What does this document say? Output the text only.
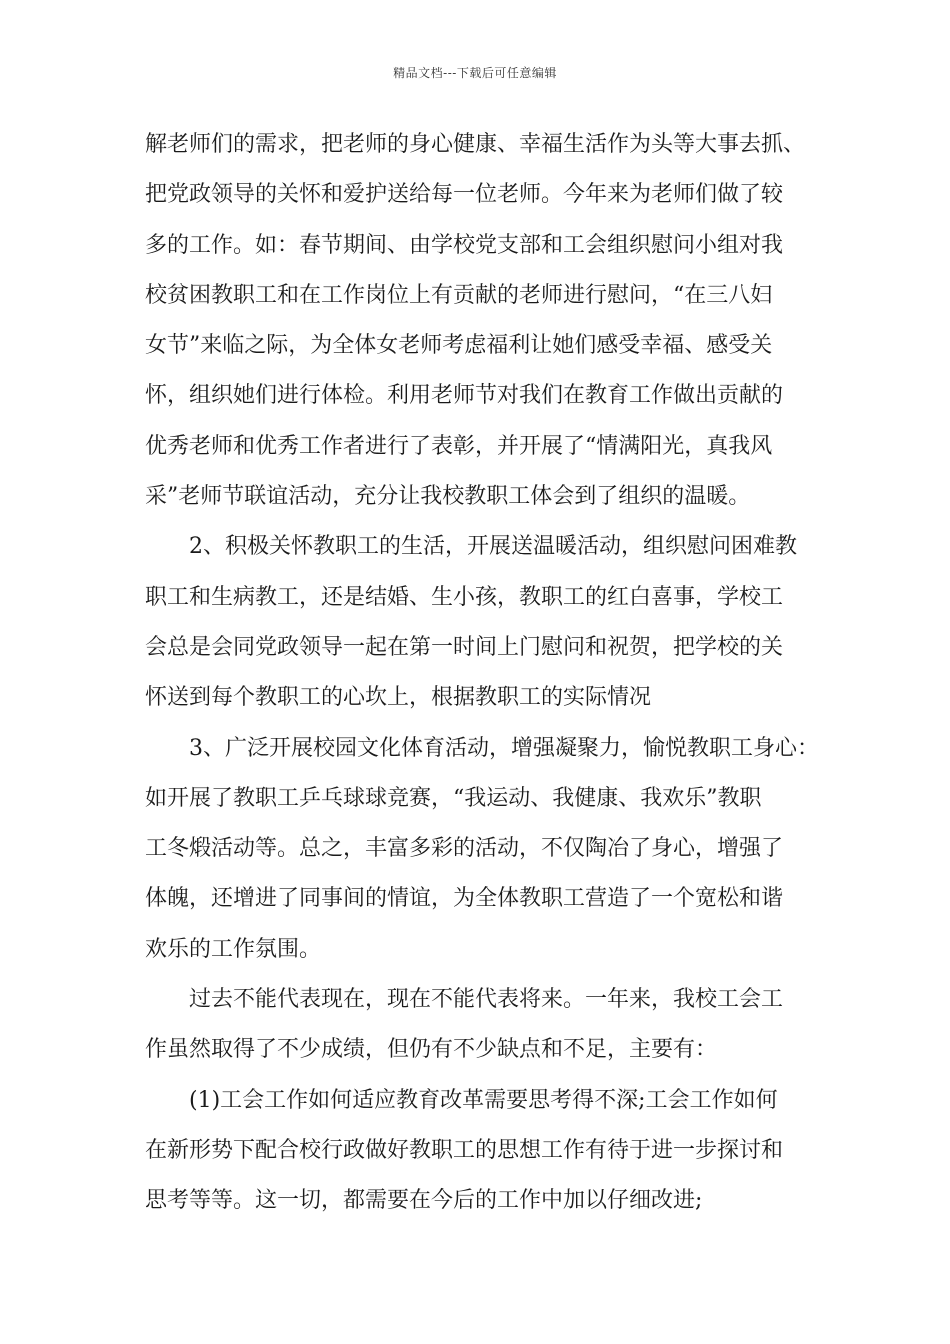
精品文档---下载后可任意编辑
解老师们的需求，把老师的身心健康、幸福生活作为头等大事去抓、
把党政领导的关怀和爱护送给每一位老师。今年来为老师们做了较
多的工作。如：春节期间、由学校党支部和工会组织慰问小组对我
校贫困教职工和在工作岗位上有贡献的老师进行慰问，“在三八妇
女节”来临之际，为全体女老师考虑福利让她们感受幸福、感受关
怀，组织她们进行体检。利用老师节对我们在教育工作做出贡献的
优秀老师和优秀工作者进行了表彰，并开展了“情满阳光，真我风
采”老师节联谊活动，充分让我校教职工体会到了组织的温暖。
2、积极关怀教职工的生活，开展送温暖活动，组织慰问困难教
职工和生病教工，还是结婚、生小孩，教职工的红白喜事，学校工
会总是会同党政领导一起在第一时间上门慰问和祝贺，把学校的关
怀送到每个教职工的心坎上，根据教职工的实际情况
3、广泛开展校园文化体育活动，增强凝聚力，愉悦教职工身心：
如开展了教职工乒乓球球竞赛，“我运动、我健康、我欢乐”教职
工冬煅活动等。总之，丰富多彩的活动，不仅陶冶了身心，增强了
体魄，还增进了同事间的情谊，为全体教职工营造了一个宽松和谐
欢乐的工作氛围。
过去不能代表现在，现在不能代表将来。一年来，我校工会工
作虽然取得了不少成绩，但仍有不少缺点和不足，主要有：
(1)工会工作如何适应教育改革需要思考得不深;工会工作如何
在新形势下配合校行政做好教职工的思想工作有待于进一步探讨和
思考等等。这一切，都需要在今后的工作中加以仔细改进;
